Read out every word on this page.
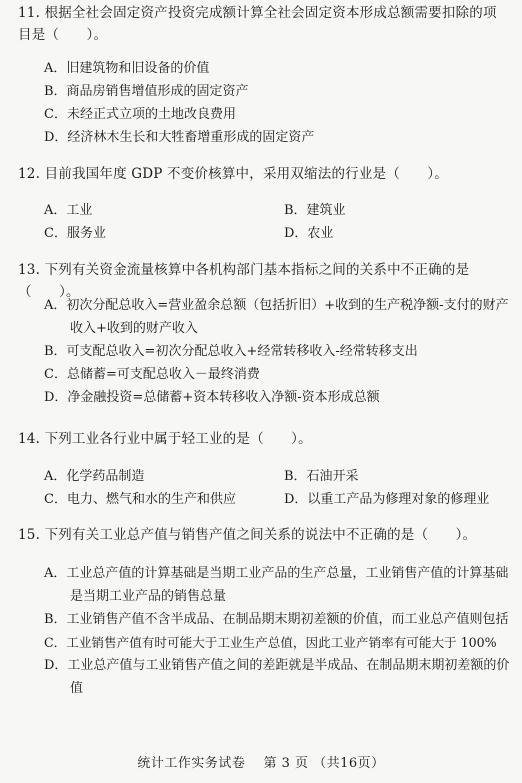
11. 根据全社会固定资产投资完成额计算全社会固定资本形成总额需要扣除的项目是（　　）。
A．旧建筑物和旧设备的价值
B．商品房销售增值形成的固定资产
C．未经正式立项的土地改良费用
D．经济林木生长和大牲畜增重形成的固定资产
12. 目前我国年度 GDP 不变价核算中，采用双缩法的行业是（　　）。
A．工业	B．建筑业
C．服务业	D．农业
13. 下列有关资金流量核算中各机构部门基本指标之间的关系中不正确的是（　　）。
A．初次分配总收入=营业盈余总额（包括折旧）+收到的生产税净额-支付的财产收入+收到的财产收入
B．可支配总收入=初次分配总收入+经常转移收入-经常转移支出
C．总储蓄=可支配总收入－最终消费
D．净金融投资=总储蓄+资本转移收入净额-资本形成总额
14. 下列工业各行业中属于轻工业的是（　　）。
A．化学药品制造	B．石油开采
C．电力、燃气和水的生产和供应	D．以重工产品为修理对象的修理业
15. 下列有关工业总产值与销售产值之间关系的说法中不正确的是（　　）。
A．工业总产值的计算基础是当期工业产品的生产总量，工业销售产值的计算基础是当期工业产品的销售总量
B．工业销售产值不含半成品、在制品期末期初差额的价值，而工业总产值则包括
C．工业销售产值有时可能大于工业生产总值，因此工业产销率有可能大于 100%
D．工业总产值与工业销售产值之间的差距就是半成品、在制品期末期初差额的价值
统计工作实务试卷　 第 3 页 （共16页）
